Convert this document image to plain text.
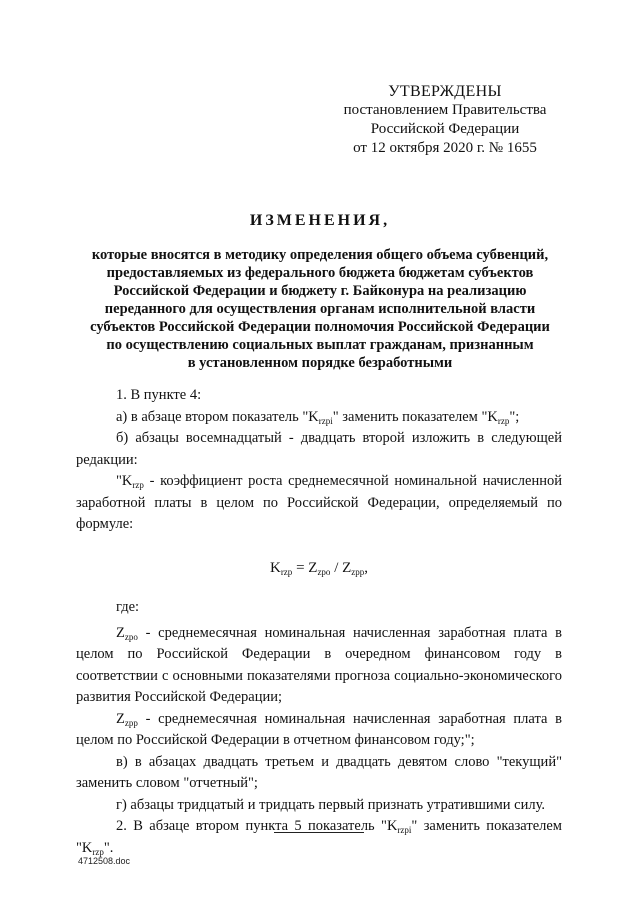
УТВЕРЖДЕНЫ
постановлением Правительства
Российской Федерации
от 12 октября 2020 г. № 1655
ИЗМЕНЕНИЯ,
которые вносятся в методику определения общего объема субвенций,
предоставляемых из федерального бюджета бюджетам субъектов
Российской Федерации и бюджету г. Байконура на реализацию
переданного для осуществления органам исполнительной власти
субъектов Российской Федерации полномочия Российской Федерации
по осуществлению социальных выплат гражданам, признанным
в установленном порядке безработными

1. В пункте 4:

а) в абзаце втором показатель "$K_{rzpi}$" заменить показателем "$K_{rzp}$";

б) абзацы восемнадцатый - двадцать второй изложить в следующей редакции:

"$K_{rzp}$ - коэффициент роста среднемесячной номинальной начисленной заработной платы в целом по Российской Федерации, определяемый по формуле:

$K_{rzp} = Z_{zpo} / Z_{zpp}$,

где:

$Z_{zpo}$ - среднемесячная номинальная начисленная заработная плата в целом по Российской Федерации в очередном финансовом году в соответствии с основными показателями прогноза социально-экономического развития Российской Федерации;

$Z_{zpp}$ - среднемесячная номинальная начисленная заработная плата в целом по Российской Федерации в отчетном финансовом году;";

в) в абзацах двадцать третьем и двадцать девятом слово "текущий" заменить словом "отчетный";

г) абзацы тридцатый и тридцать первый признать утратившими силу.

2. В абзаце втором пункта 5 показатель "$K_{rzpi}$" заменить показателем "$K_{rzp}$".

4712508.doc
